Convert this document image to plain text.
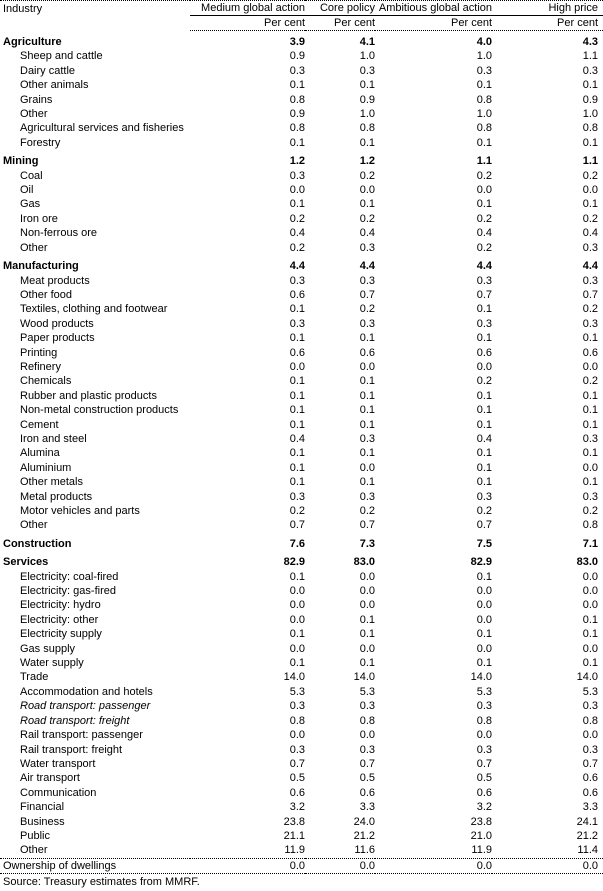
Industry	Medium global action	Core policy	Ambitious global action	High price
	Per cent	Per cent	Per cent	Per cent
Agriculture	3.9	4.1	4.0	4.3
Sheep and cattle	0.9	1.0	1.0	1.1
Dairy cattle	0.3	0.3	0.3	0.3
Other animals	0.1	0.1	0.1	0.1
Grains	0.8	0.9	0.8	0.9
Other	0.9	1.0	1.0	1.0
Agricultural services and fisheries	0.8	0.8	0.8	0.8
Forestry	0.1	0.1	0.1	0.1
Mining	1.2	1.2	1.1	1.1
Coal	0.3	0.2	0.2	0.2
Oil	0.0	0.0	0.0	0.0
Gas	0.1	0.1	0.1	0.1
Iron ore	0.2	0.2	0.2	0.2
Non-ferrous ore	0.4	0.4	0.4	0.4
Other	0.2	0.3	0.2	0.3
Manufacturing	4.4	4.4	4.4	4.4
Meat products	0.3	0.3	0.3	0.3
Other food	0.6	0.7	0.7	0.7
Textiles, clothing and footwear	0.1	0.2	0.1	0.2
Wood products	0.3	0.3	0.3	0.3
Paper products	0.1	0.1	0.1	0.1
Printing	0.6	0.6	0.6	0.6
Refinery	0.0	0.0	0.0	0.0
Chemicals	0.1	0.1	0.2	0.2
Rubber and plastic products	0.1	0.1	0.1	0.1
Non-metal construction products	0.1	0.1	0.1	0.1
Cement	0.1	0.1	0.1	0.1
Iron and steel	0.4	0.3	0.4	0.3
Alumina	0.1	0.1	0.1	0.1
Aluminium	0.1	0.0	0.1	0.0
Other metals	0.1	0.1	0.1	0.1
Metal products	0.3	0.3	0.3	0.3
Motor vehicles and parts	0.2	0.2	0.2	0.2
Other	0.7	0.7	0.7	0.8
Construction	7.6	7.3	7.5	7.1
Services	82.9	83.0	82.9	83.0
Electricity: coal-fired	0.1	0.0	0.1	0.0
Electricity: gas-fired	0.0	0.0	0.0	0.0
Electricity: hydro	0.0	0.0	0.0	0.0
Electricity: other	0.0	0.1	0.0	0.1
Electricity supply	0.1	0.1	0.1	0.1
Gas supply	0.0	0.0	0.0	0.0
Water supply	0.1	0.1	0.1	0.1
Trade	14.0	14.0	14.0	14.0
Accommodation and hotels	5.3	5.3	5.3	5.3
Road transport: passenger	0.3	0.3	0.3	0.3
Road transport: freight	0.8	0.8	0.8	0.8
Rail transport: passenger	0.0	0.0	0.0	0.0
Rail transport: freight	0.3	0.3	0.3	0.3
Water transport	0.7	0.7	0.7	0.7
Air transport	0.5	0.5	0.5	0.6
Communication	0.6	0.6	0.6	0.6
Financial	3.2	3.3	3.2	3.3
Business	23.8	24.0	23.8	24.1
Public	21.1	21.2	21.0	21.2
Other	11.9	11.6	11.9	11.4
Ownership of dwellings	0.0	0.0	0.0	0.0
Source: Treasury estimates from MMRF.
